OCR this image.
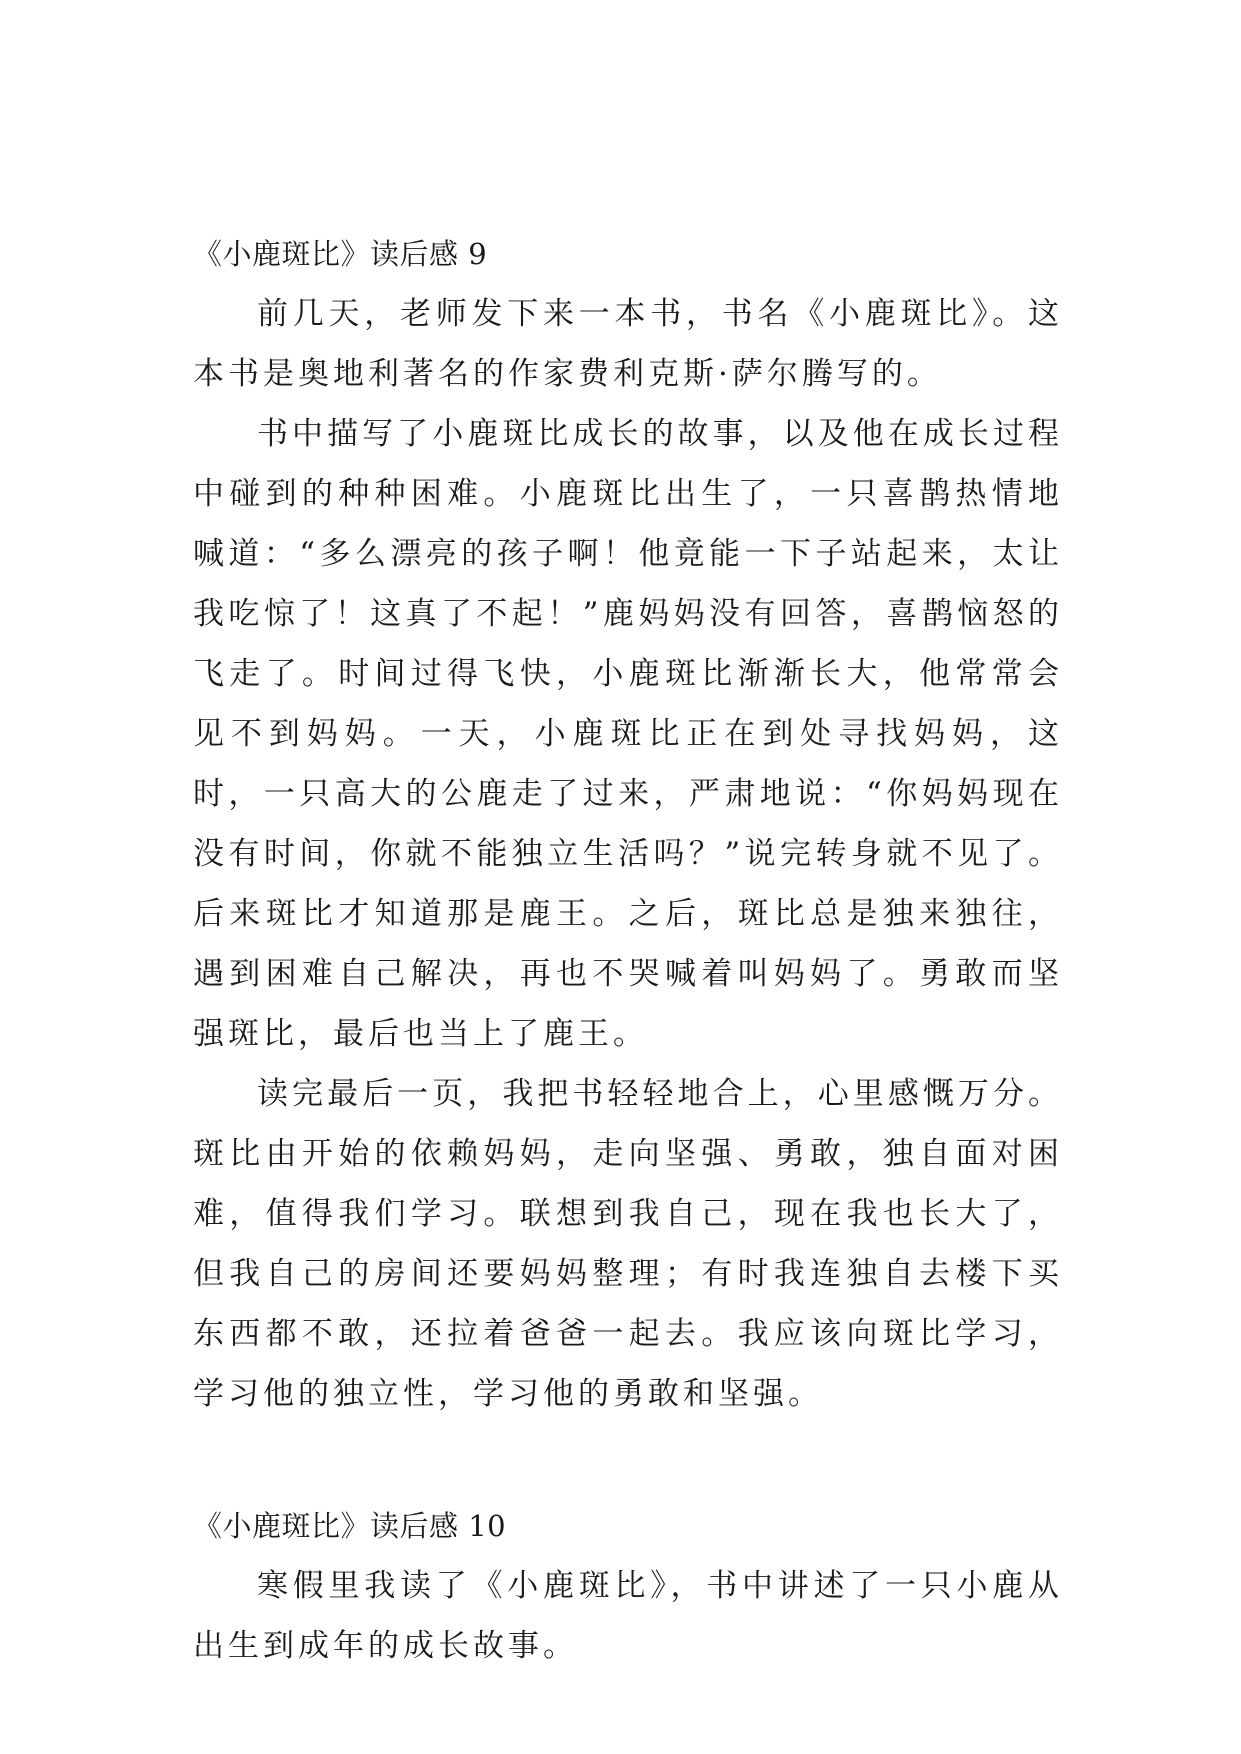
《小鹿斑比》读后感 9

前几天，老师发下来一本书，书名《小鹿斑比》。这本书是奥地利著名的作家费利克斯·萨尔腾写的。

书中描写了小鹿斑比成长的故事，以及他在成长过程中碰到的种种困难。小鹿斑比出生了，一只喜鹊热情地喊道：“多么漂亮的孩子啊！他竟能一下子站起来，太让我吃惊了！这真了不起！”鹿妈妈没有回答，喜鹊恼怒的飞走了。时间过得飞快，小鹿斑比渐渐长大，他常常会见不到妈妈。一天，小鹿斑比正在到处寻找妈妈，这时，一只高大的公鹿走了过来，严肃地说：“你妈妈现在没有时间，你就不能独立生活吗？”说完转身就不见了。后来斑比才知道那是鹿王。之后，斑比总是独来独往，遇到困难自己解决，再也不哭喊着叫妈妈了。勇敢而坚强斑比，最后也当上了鹿王。

读完最后一页，我把书轻轻地合上，心里感慨万分。斑比由开始的依赖妈妈，走向坚强、勇敢，独自面对困难，值得我们学习。联想到我自己，现在我也长大了，但我自己的房间还要妈妈整理；有时我连独自去楼下买东西都不敢，还拉着爸爸一起去。我应该向斑比学习，学习他的独立性，学习他的勇敢和坚强。

《小鹿斑比》读后感 10

寒假里我读了《小鹿斑比》，书中讲述了一只小鹿从出生到成年的成长故事。
